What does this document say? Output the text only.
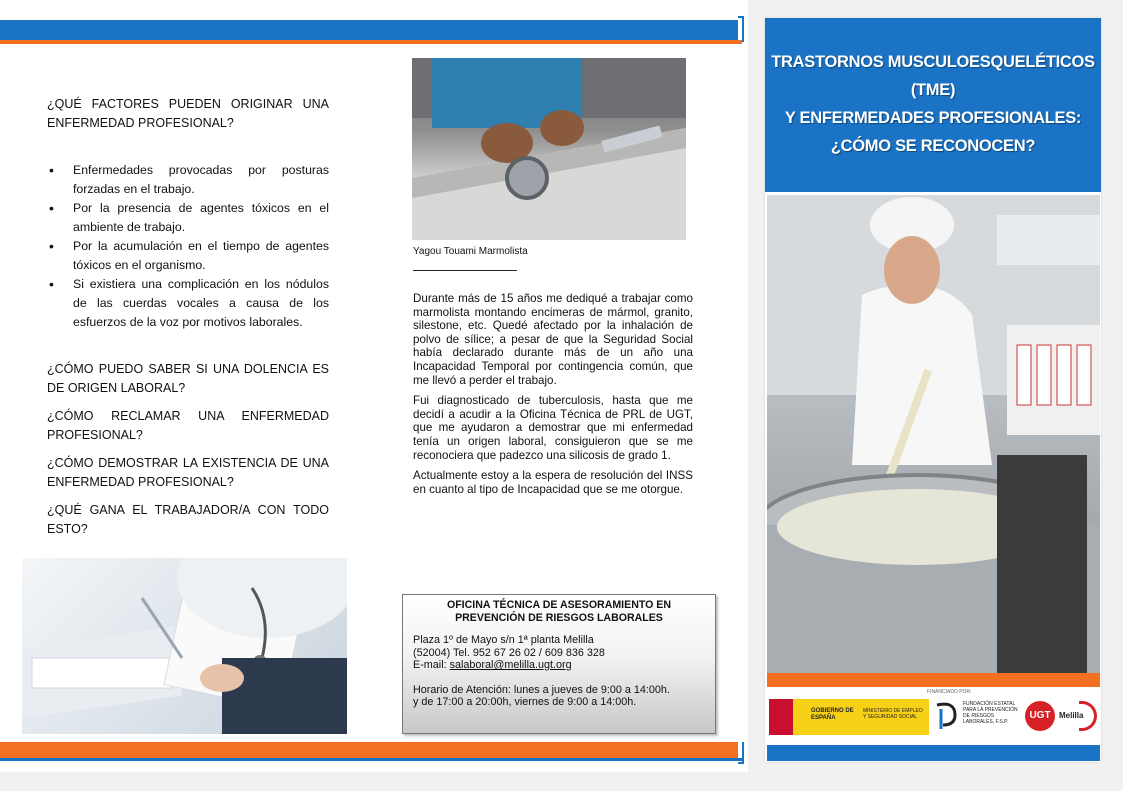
¿QUÉ FACTORES PUEDEN ORIGINAR UNA ENFERMEDAD PROFESIONAL?

• Enfermedades provocadas por posturas forzadas en el trabajo.
• Por la presencia de agentes tóxicos en el ambiente de trabajo.
• Por la acumulación en el tiempo de agentes tóxicos en el organismo.
• Si existiera una complicación en los nódulos de las cuerdas vocales a causa de los esfuerzos de la voz por motivos laborales.

¿CÓMO PUEDO SABER SI UNA DOLENCIA ES DE ORIGEN LABORAL?

¿CÓMO RECLAMAR UNA ENFERMEDAD PROFESIONAL?

¿CÓMO DEMOSTRAR LA EXISTENCIA DE UNA ENFERMEDAD PROFESIONAL?

¿QUÉ GANA EL TRABAJADOR/A CON TODO ESTO?

Yagou Touami Marmolista

Durante más de 15 años me dediqué a trabajar como marmolista montando encimeras de mármol, granito, silestone, etc. Quedé afectado por la inhalación de polvo de sílice; a pesar de que la Seguridad Social había declarado durante más de un año una Incapacidad Temporal por contingencia común, que me llevó a perder el trabajo.

Fui diagnosticado de tuberculosis, hasta que me decidí a acudir a la Oficina Técnica de PRL de UGT, que me ayudaron a demostrar que mi enfermedad tenía un origen laboral, consiguieron que se me reconociera que padezco una silicosis de grado 1.

Actualmente estoy a la espera de resolución del INSS en cuanto al tipo de Incapacidad que se me otorgue.

OFICINA TÉCNICA DE ASESORAMIENTO EN
PREVENCIÓN DE RIESGOS LABORALES

Plaza 1º de Mayo s/n 1ª planta Melilla

(52004) Tel. 952 67 26 02 / 609 836 328

E-mail: salaboral@melilla.ugt.org

Horario de Atención: lunes a jueves de 9:00 a 14:00h.

y de 17:00 a 20:00h, viernes de 9:00 a 14:00h.

TRASTORNOS MUSCULOESQUELÉTICOS
(TME)
Y ENFERMEDADES PROFESIONALES:
¿CÓMO SE RECONOCEN?
FINANCIADO POR:
GOBIERNO DE ESPAÑA
MINISTERIO DE EMPLEO Y SEGURIDAD SOCIAL
FUNDACIÓN ESTATAL PARA LA PREVENCIÓN DE RIESGOS LABORALES, F.S.P.
UGT	Melilla
